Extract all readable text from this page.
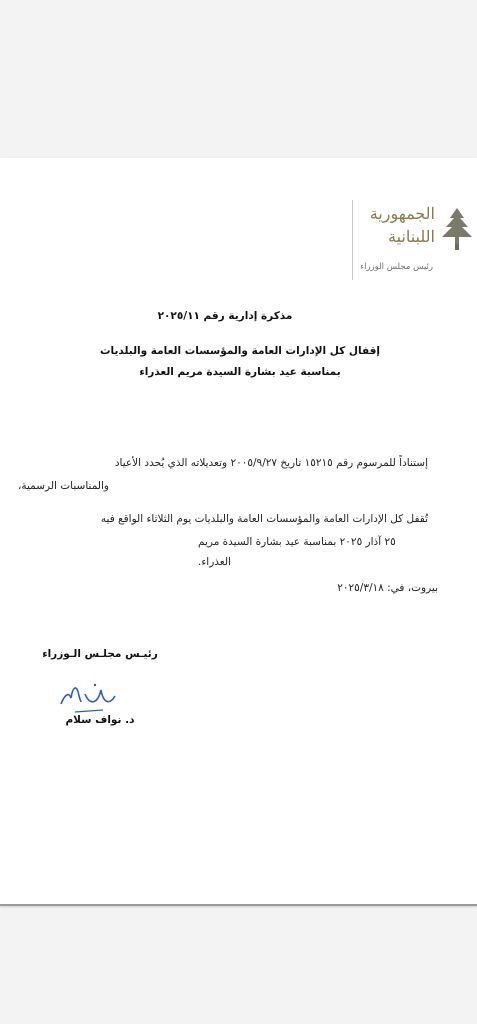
الجمهورية
اللبنانية
رئيس مجلس الوزراء
مذكرة إدارية رقم ٢٠٢٥/١١
إقفال كل الإدارات العامة والمؤسسات العامة والبلديات
بمناسبة عيد بشارة السيدة مريم العذراء
إستناداً للمرسوم رقم ١٥٢١٥ تاريخ ٢٠٠٥/٩/٢٧ وتعديلاته الذي يُحدد الأعياد
والمناسبات الرسمية،
تُقفل كل الإدارات العامة والمؤسسات العامة والبلديات يوم الثلاثاء الواقع فيه
٢٥ آذار ٢٠٢٥ بمناسبة عيد بشارة السيدة مريم العذراء.
بيروت، في: ٢٠٢٥/٣/١٨
رئيـس مجلـس الـوزراء
د. نواف سلام
